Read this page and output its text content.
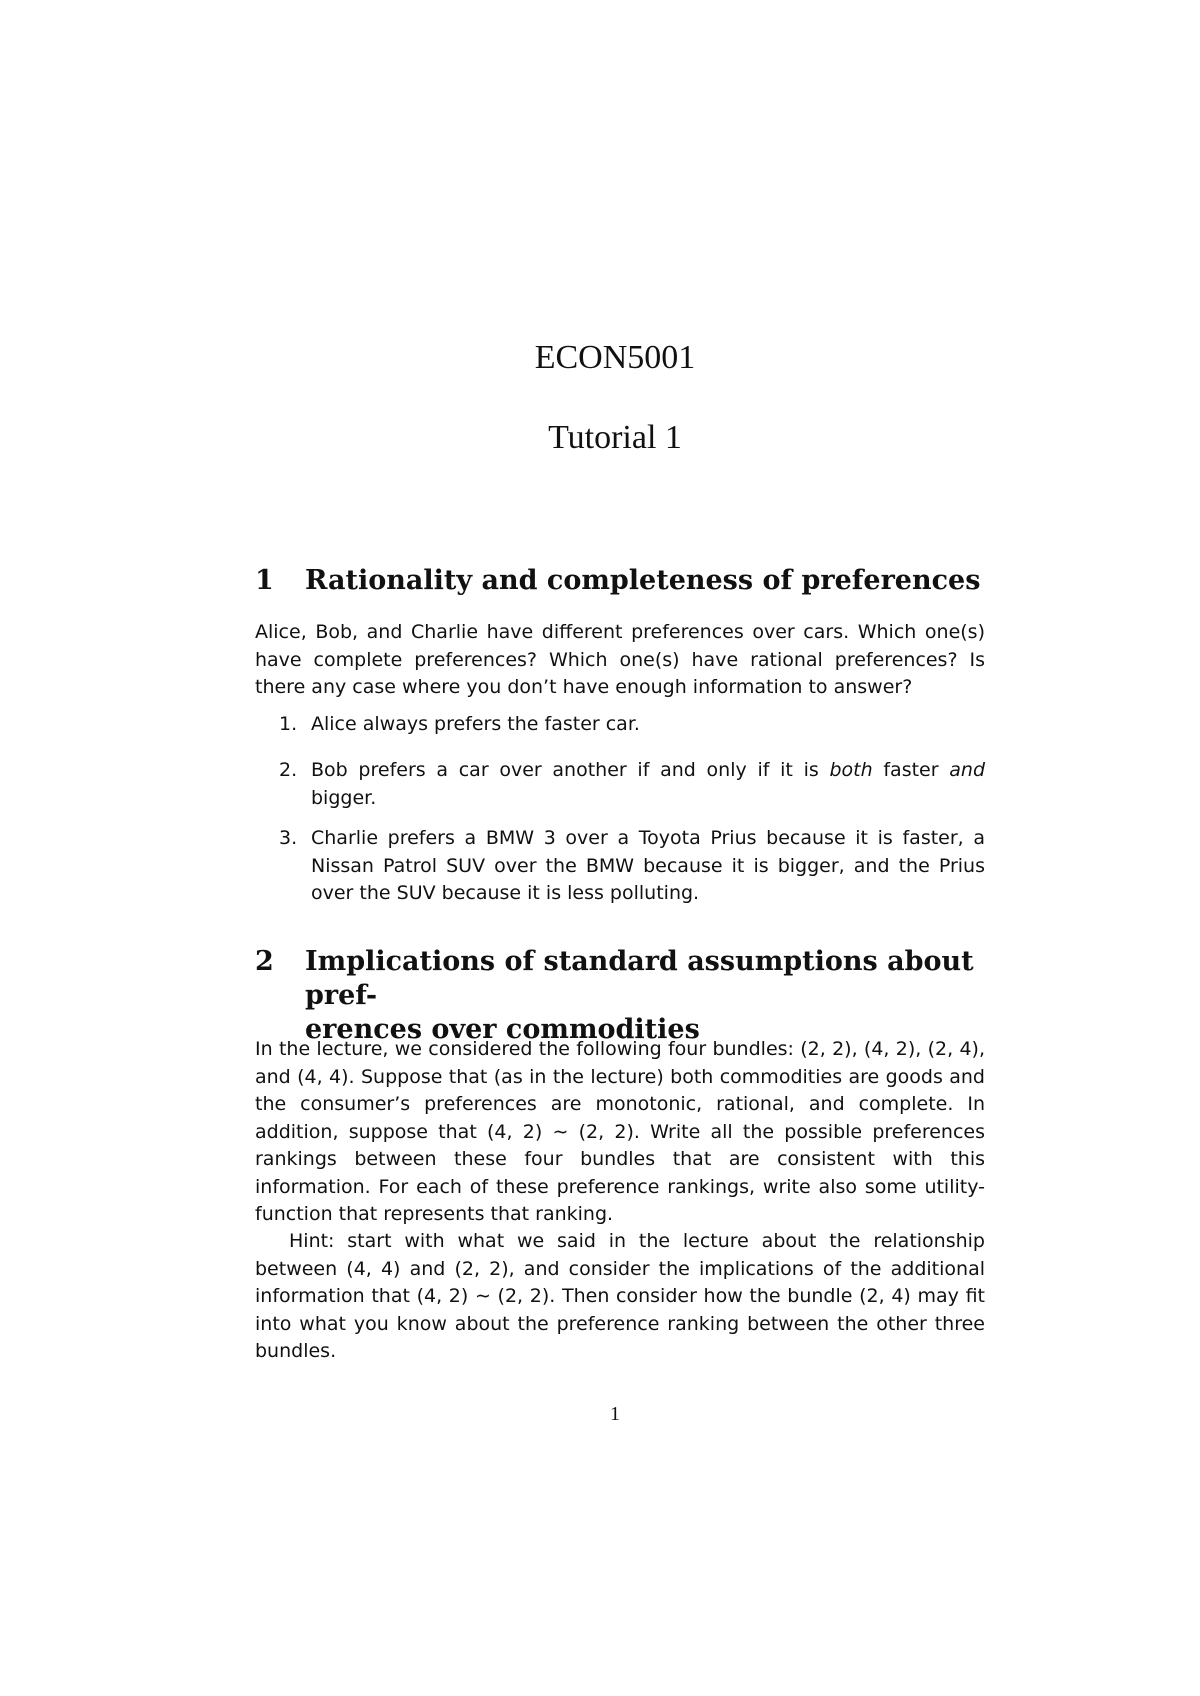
ECON5001
Tutorial 1
1 Rationality and completeness of preferences
Alice, Bob, and Charlie have different preferences over cars. Which one(s) have complete preferences? Which one(s) have rational preferences? Is there any case where you don’t have enough information to answer?
1. Alice always prefers the faster car.
2. Bob prefers a car over another if and only if it is both faster and bigger.
3. Charlie prefers a BMW 3 over a Toyota Prius because it is faster, a Nissan Patrol SUV over the BMW because it is bigger, and the Prius over the SUV because it is less polluting.
2 Implications of standard assumptions about pref-
erences over commodities
In the lecture, we considered the following four bundles: (2, 2), (4, 2), (2, 4), and (4, 4). Suppose that (as in the lecture) both commodities are goods and the consumer’s preferences are monotonic, rational, and complete. In addition, suppose that (4, 2) ∼ (2, 2). Write all the possible preferences rankings between these four bundles that are consistent with this information. For each of these preference rankings, write also some utility-function that represents that ranking.
Hint: start with what we said in the lecture about the relationship between (4, 4) and (2, 2), and consider the implications of the additional information that (4, 2) ∼ (2, 2). Then consider how the bundle (2, 4) may fit into what you know about the preference ranking between the other three bundles.
1
